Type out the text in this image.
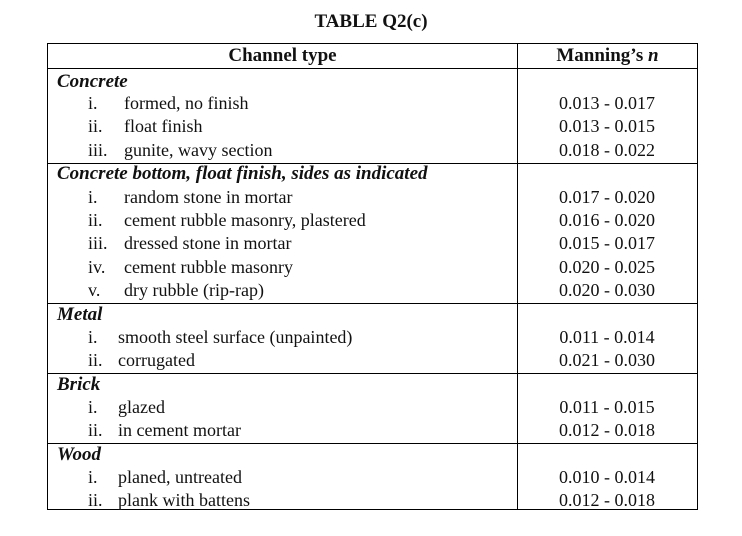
TABLE Q2(c)
Channel type	Manning’s n
Concrete
i. formed, no finish	0.013 - 0.017
ii. float finish	0.013 - 0.015
iii. gunite, wavy section	0.018 - 0.022
Concrete bottom, float finish, sides as indicated
i. random stone in mortar	0.017 - 0.020
ii. cement rubble masonry, plastered	0.016 - 0.020
iii. dressed stone in mortar	0.015 - 0.017
iv. cement rubble masonry	0.020 - 0.025
v. dry rubble (rip-rap)	0.020 - 0.030
Metal
i. smooth steel surface (unpainted)	0.011 - 0.014
ii. corrugated	0.021 - 0.030
Brick
i. glazed	0.011 - 0.015
ii. in cement mortar	0.012 - 0.018
Wood
i. planed, untreated	0.010 - 0.014
ii. plank with battens	0.012 - 0.018
